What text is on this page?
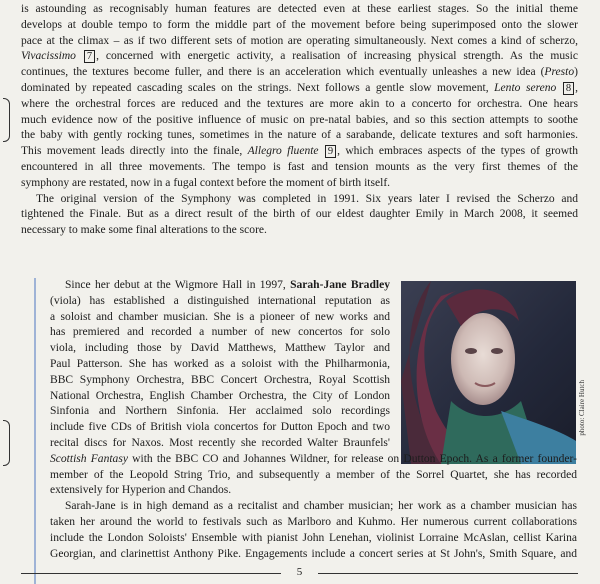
is astounding as recognisably human features are detected even at these earliest stages. So the initial theme
develops at double tempo to form the middle part of the movement before being superimposed onto the slower
pace at the climax – as if two different sets of motion are operating simultaneously. Next comes a kind of scherzo,
Vivacissimo 7 , concerned with energetic activity, a realisation of increasing physical strength. As the music
continues, the textures become fuller, and there is an acceleration which eventually unleashes a new idea (Presto)
dominated by repeated cascading scales on the strings. Next follows a gentle slow movement, Lento sereno 8 ,
where the orchestral forces are reduced and the textures are more akin to a concerto for orchestra. One hears
much evidence now of the positive influence of music on pre-natal babies, and so this section attempts to soothe
the baby with gently rocking tunes, sometimes in the nature of a sarabande, delicate textures and soft harmonies.
This movement leads directly into the finale, Allegro fluente 9 , which embraces aspects of the types of growth
encountered in all three movements. The tempo is fast and tension mounts as the very first themes of the
symphony are restated, now in a fugal context before the moment of birth itself.
The original version of the Symphony was completed in 1991. Six years later I revised the Scherzo and
tightened the Finale. But as a direct result of the birth of our eldest daughter Emily in March 2008, it seemed
necessary to make some final alterations to the score.
photo: Claire Hutch
Since her debut at the Wigmore Hall in 1997, Sarah-Jane Bradley
(viola) has established a distinguished international reputation as
a soloist and chamber musician. She is a pioneer of new works and
has premiered and recorded a number of new concertos for solo
viola, including those by David Matthews, Matthew Taylor and
Paul Patterson. She has worked as a soloist with the Philharmonia,
BBC Symphony Orchestra, BBC Concert Orchestra, Royal Scottish
National Orchestra, English Chamber Orchestra, the City of London
Sinfonia and Northern Sinfonia. Her acclaimed solo recordings
include five CDs of British viola concertos for Dutton Epoch and two
recital discs for Naxos. Most recently she recorded Walter Braunfels'
Scottish Fantasy with the BBC CO and Johannes Wildner, for release on Dutton Epoch. As a former founder-
member of the Leopold String Trio, and subsequently a member of the Sorrel Quartet, she has recorded
extensively for Hyperion and Chandos.
Sarah-Jane is in high demand as a recitalist and chamber musician; her work as a chamber musician has
taken her around the world to festivals such as Marlboro and Kuhmo. Her numerous current collaborations
include the London Soloists' Ensemble with pianist John Lenehan, violinist Lorraine McAslan, cellist Karina
Georgian, and clarinettist Anthony Pike. Engagements include a concert series at St John's, Smith Square, and
5
